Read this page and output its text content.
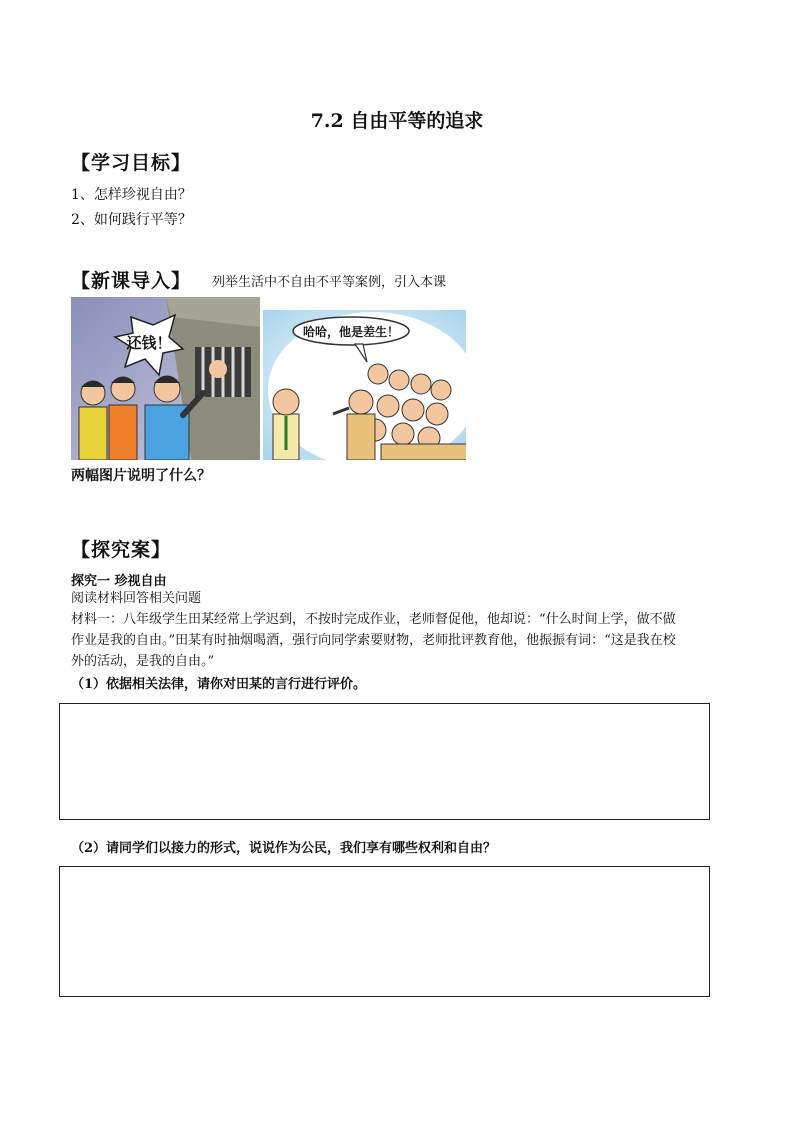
7.2 自由平等的追求
【学习目标】
1、怎样珍视自由？
2、如何践行平等？
【新课导入】 列举生活中不自由不平等案例，引入本课
还钱！
哈哈，他是差生！
两幅图片说明了什么？
【探究案】
探究一 珍视自由
阅读材料回答相关问题
材料一：八年级学生田某经常上学迟到，不按时完成作业，老师督促他，他却说：“什么时间上学，做不做
作业是我的自由。”田某有时抽烟喝酒，强行向同学索要财物，老师批评教育他，他振振有词：“这是我在校
外的活动，是我的自由。”
（1）依据相关法律，请你对田某的言行进行评价。
（2）请同学们以接力的形式，说说作为公民，我们享有哪些权利和自由？
